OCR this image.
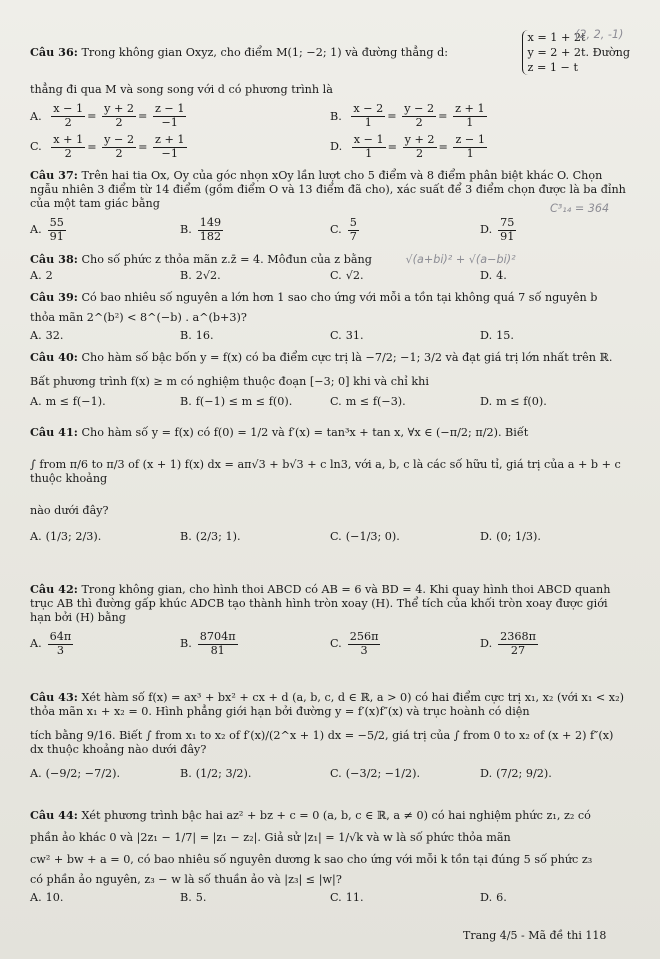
Câu 36: Trong không gian Oxyz, cho điểm M(1; −2; 1) và đường thẳng d:
x = 1 + 2t
y = 2 + 2t. Đường
z = 1 − t
(2, 2, -1)
thẳng đi qua M và song song với d có phương trình là
A. $\frac{x - 1}{2} = \frac{y + 2}{2} = \frac{z - 1}{-1}$	B. $\frac{x - 2}{1} = \frac{y - 2}{2} = \frac{z + 1}{1}$
C. $\frac{x + 1}{2} = \frac{y - 2}{2} = \frac{z + 1}{-1}$	D. $\frac{x - 1}{1} = \frac{y + 2}{2} = \frac{z - 1}{1}$
Câu 37: Trên hai tia Ox, Oy của góc nhọn xOy lần lượt cho 5 điểm và 8 điểm phân biệt khác O. Chọn ngẫu nhiên 3 điểm từ 14 điểm (gồm điểm O và 13 điểm đã cho), xác suất để 3 điểm chọn được là ba đỉnh của một tam giác bằng	C³₁₄ = 364
A. $\frac{55}{91}$	B. $\frac{149}{182}$	C. $\frac{5}{7}$	D. $\frac{75}{91}$
Câu 38: Cho số phức z thỏa mãn z.z̄ = 4. Môđun của z bằng	√(a+bi)² + √(a−bi)²
A. 2	B. 2√2.	C. √2.	D. 4.
Câu 39: Có bao nhiêu số nguyên a lớn hơn 1 sao cho ứng với mỗi a tồn tại không quá 7 số nguyên b
thỏa mãn 2^(b²) < 8^(−b) . a^(b+3)?
A. 32.	B. 16.	C. 31.	D. 15.
Câu 40: Cho hàm số bậc bốn y = f(x) có ba điểm cực trị là −7/2; −1; 3/2 và đạt giá trị lớn nhất trên ℝ.
Bất phương trình f(x) ≥ m có nghiệm thuộc đoạn [−3; 0] khi và chỉ khi
A. m ≤ f(−1).	B. f(−1) ≤ m ≤ f(0).	C. m ≤ f(−3).	D. m ≤ f(0).
Câu 41: Cho hàm số y = f(x) có f(0) = 1/2 và f′(x) = tan³x + tan x, ∀x ∈ (−π/2; π/2). Biết
∫ from π/6 to π/3 of (x + 1) f(x) dx = aπ√3 + b√3 + c ln3, với a, b, c là các số hữu tỉ, giá trị của a + b + c thuộc khoảng
nào dưới đây?
A. (1/3; 2/3).	B. (2/3; 1).	C. (−1/3; 0).	D. (0; 1/3).
Câu 42: Trong không gian, cho hình thoi ABCD có AB = 6 và BD = 4. Khi quay hình thoi ABCD quanh trục AB thì đường gấp khúc ADCB tạo thành hình tròn xoay (H). Thể tích của khối tròn xoay được giới hạn bởi (H) bằng
A. $\frac{64\pi}{3}$	B. $\frac{8704\pi}{81}$	C. $\frac{256\pi}{3}$	D. $\frac{2368\pi}{27}$
Câu 43: Xét hàm số f(x) = ax³ + bx² + cx + d (a, b, c, d ∈ ℝ, a > 0) có hai điểm cực trị x₁, x₂ (với x₁ < x₂) thỏa mãn x₁ + x₂ = 0. Hình phẳng giới hạn bởi đường y = f′(x)f″(x) và trục hoành có diện
tích bằng 9/16. Biết ∫ from x₁ to x₂ of f′(x)/(2^x + 1) dx = −5/2, giá trị của ∫ from 0 to x₂ of (x + 2) f″(x) dx thuộc khoảng nào dưới đây?
A. (−9/2; −7/2).	B. (1/2; 3/2).	C. (−3/2; −1/2).	D. (7/2; 9/2).
Câu 44: Xét phương trình bậc hai az² + bz + c = 0 (a, b, c ∈ ℝ, a ≠ 0) có hai nghiệm phức z₁, z₂ có
phần ảo khác 0 và |2z₁ − 1/7| = |z₁ − z₂|. Giả sử |z₁| = 1/√k và w là số phức thỏa mãn
cw² + bw + a = 0, có bao nhiêu số nguyên dương k sao cho ứng với mỗi k tồn tại đúng 5 số phức z₃
có phần ảo nguyên, z₃ − w là số thuần ảo và |z₃| ≤ |w|?
A. 10.	B. 5.	C. 11.	D. 6.
Trang 4/5 - Mã đề thi 118
